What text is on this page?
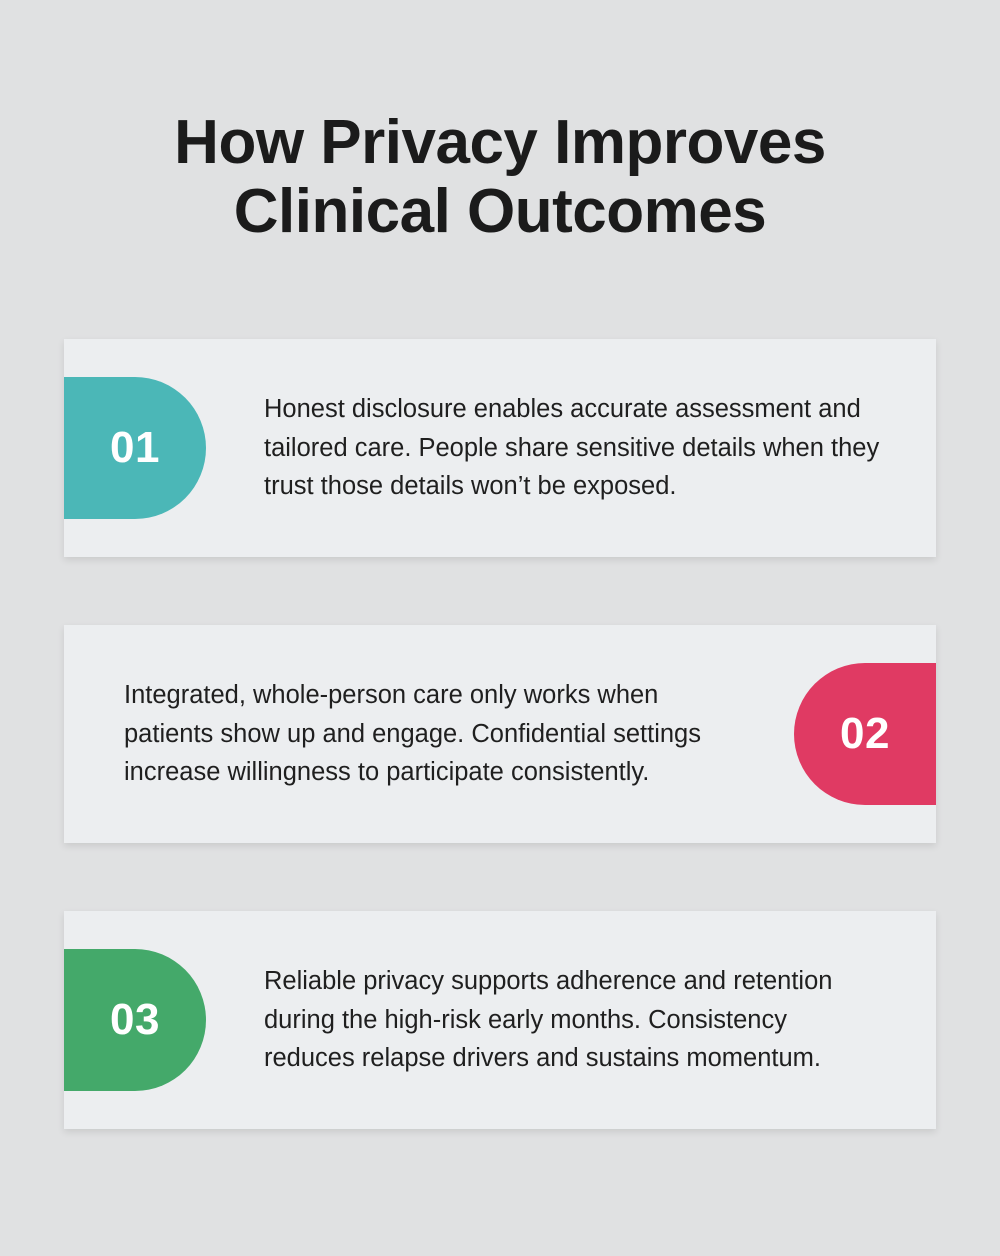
How Privacy Improves Clinical Outcomes
01
Honest disclosure enables accurate assessment and tailored care. People share sensitive details when they trust those details won’t be exposed.
02
Integrated, whole-person care only works when patients show up and engage. Confidential settings increase willingness to participate consistently.
03
Reliable privacy supports adherence and retention during the high-risk early months. Consistency reduces relapse drivers and sustains momentum.
